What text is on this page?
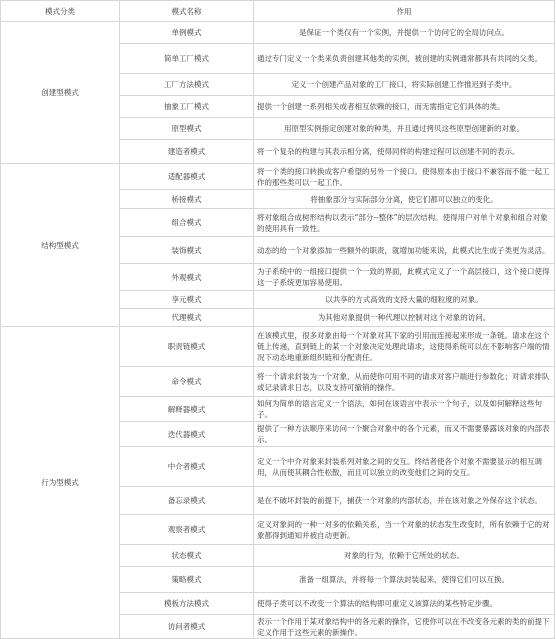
模式分类	模式名称	作用
创建型模式	单例模式	是保证一个类仅有一个实例，并提供一个访问它的全局访问点。
	简单工厂模式	通过专门定义一个类来负责创建其他类的实例，被创建的实例通常都具有共同的父类。
	工厂方法模式	定义一个创建产品对象的工厂接口，将实际创建工作推迟到子类中。
	抽象工厂模式	提供一个创建一系列相关或者相互依赖的接口，而无需指定它们具体的类。
	原型模式	用原型实例指定创建对象的种类，并且通过拷贝这些原型创建新的对象。
	建造者模式	将一个复杂的构建与其表示相分离，使得同样的构建过程可以创建不同的表示。
结构型模式	适配器模式	将一个类的接口转换成客户希望的另外一个接口。使得原本由于接口不兼容而不能一起工作的那些类可以一起工作。
	桥接模式	将抽象部分与实际部分分离，使它们都可以独立的变化。
	组合模式	将对象组合成树形结构以表示“部分--整体”的层次结构。使得用户对单个对象和组合对象的使用具有一致性。
	装饰模式	动态的给一个对象添加一些额外的职责，就增加功能来说，此模式比生成子类更为灵活。
	外观模式	为子系统中的一组接口提供一个一致的界面，此模式定义了一个高层接口，这个接口使得这一子系统更加容易使用。
	享元模式	以共享的方式高效的支持大量的细粒度的对象。
	代理模式	为其他对象提供一种代理以控制对这个对象的访问。
行为型模式	职责链模式	在该模式里，很多对象由每一个对象对其下家的引用而连接起来形成一条链。请求在这个链上传递，直到链上的某一个对象决定处理此请求，这使得系统可以在不影响客户端的情况下动态地重新组织链和分配责任。
	命令模式	将一个请求封装为一个对象，从而使你可用不同的请求对客户端进行参数化；对请求排队或记录请求日志，以及支持可撤销的操作。
	解释器模式	如何为简单的语言定义一个语法，如何在该语言中表示一个句子，以及如何解释这些句子。
	迭代器模式	提供了一种方法顺序来访问一个聚合对象中的各个元素，而又不需要暴露该对象的内部表示。
	中介者模式	定义一个中介对象来封装系列对象之间的交互。终结者使各个对象不需要显示的相互调用，从而使其耦合性松散，而且可以独立的改变他们之间的交互。
	备忘录模式	是在不破坏封装的前提下，捕获一个对象的内部状态，并在该对象之外保存这个状态。
	观察者模式	定义对象间的一种一对多的依赖关系，当一个对象的状态发生改变时，所有依赖于它的对象都得到通知并被自动更新。
	状态模式	对象的行为，依赖于它所处的状态。
	策略模式	准备一组算法，并将每一个算法封装起来，使得它们可以互换。
	模板方法模式	使得子类可以不改变一个算法的结构即可重定义该算法的某些特定步骤。
	访问者模式	表示一个作用于某对象结构中的各元素的操作，它使你可以在不改变各元素的类的前提下定义作用于这些元素的新操作。
